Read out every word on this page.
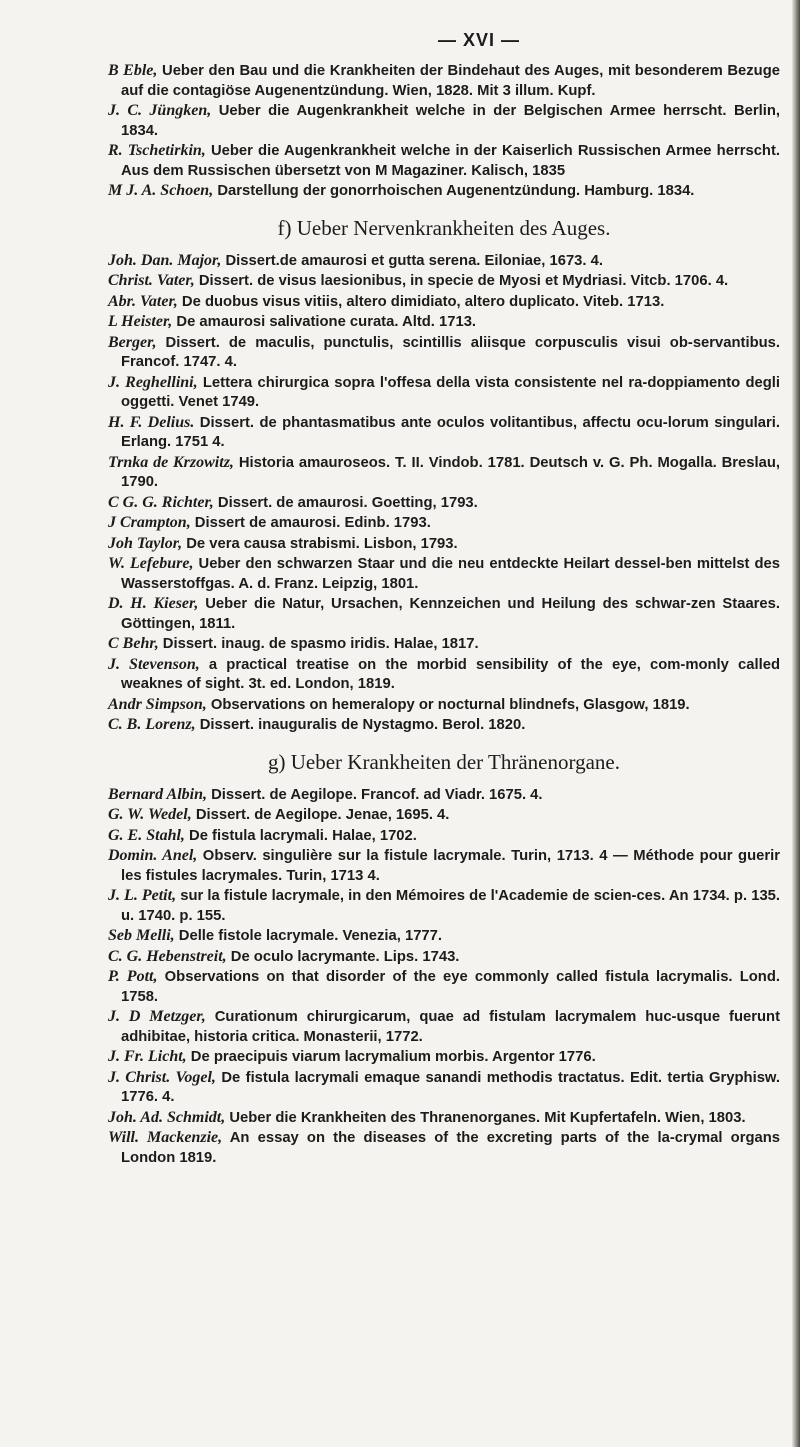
— XVI —
B Eble, Ueber den Bau und die Krankheiten der Bindehaut des Auges, mit besonderem Bezuge auf die contagiöse Augenentzündung. Wien, 1828. Mit 3 illum. Kupf.
J. C. Jüngken, Ueber die Augenkrankheit welche in der Belgischen Armee herrscht. Berlin, 1834.
R. Tschetirkin, Ueber die Augenkrankheit welche in der Kaiserlich Russischen Armee herrscht. Aus dem Russischen übersetzt von M Magaziner. Kalisch, 1835
M J. A. Schoen, Darstellung der gonorrhoischen Augenentzündung. Hamburg. 1834.
f) Ueber Nervenkrankheiten des Auges.
Joh. Dan. Major, Dissert.de amaurosi et gutta serena. Eiloniae, 1673. 4.
Christ. Vater, Dissert. de visus laesionibus, in specie de Myosi et Mydriasi. Vitcb. 1706. 4.
Abr. Vater, De duobus visus vitiis, altero dimidiato, altero duplicato. Viteb. 1713.
L Heister, De amaurosi salivatione curata. Altd. 1713.
Berger, Dissert. de maculis, punctulis, scintillis aliisque corpusculis visui ob-servantibus. Francof. 1747. 4.
J. Reghellini, Lettera chirurgica sopra l'offesa della vista consistente nel ra-doppiamento degli oggetti. Venet 1749.
H. F. Delius. Dissert. de phantasmatibus ante oculos volitantibus, affectu ocu-lorum singulari. Erlang. 1751 4.
Trnka de Krzowitz, Historia amauroseos. T. II. Vindob. 1781. Deutsch v. G. Ph. Mogalla. Breslau, 1790.
C G. G. Richter, Dissert. de amaurosi. Goetting, 1793.
J Crampton, Dissert de amaurosi. Edinb. 1793.
Joh Taylor, De vera causa strabismi. Lisbon, 1793.
W. Lefebure, Ueber den schwarzen Staar und die neu entdeckte Heilart dessel-ben mittelst des Wasserstoffgas. A. d. Franz. Leipzig, 1801.
D. H. Kieser, Ueber die Natur, Ursachen, Kennzeichen und Heilung des schwar-zen Staares. Göttingen, 1811.
C Behr, Dissert. inaug. de spasmo iridis. Halae, 1817.
J. Stevenson, a practical treatise on the morbid sensibility of the eye, com-monly called weaknes of sight. 3t. ed. London, 1819.
Andr Simpson, Observations on hemeralopy or nocturnal blindnefs, Glasgow, 1819.
C. B. Lorenz, Dissert. inauguralis de Nystagmo. Berol. 1820.
g) Ueber Krankheiten der Thränenorgane.
Bernard Albin, Dissert. de Aegilope. Francof. ad Viadr. 1675. 4.
G. W. Wedel, Dissert. de Aegilope. Jenae, 1695. 4.
G. E. Stahl, De fistula lacrymali. Halae, 1702.
Domin. Anel, Observ. singulière sur la fistule lacrymale. Turin, 1713. 4 — Méthode pour guerir les fistules lacrymales. Turin, 1713 4.
J. L. Petit, sur la fistule lacrymale, in den Mémoires de l'Academie de scien-ces. An 1734. p. 135. u. 1740. p. 155.
Seb Melli, Delle fistole lacrymale. Venezia, 1777.
C. G. Hebenstreit, De oculo lacrymante. Lips. 1743.
P. Pott, Observations on that disorder of the eye commonly called fistula lacrymalis. Lond. 1758.
J. D Metzger, Curationum chirurgicarum, quae ad fistulam lacrymalem huc-usque fuerunt adhibitae, historia critica. Monasterii, 1772.
J. Fr. Licht, De praecipuis viarum lacrymalium morbis. Argentor 1776.
J. Christ. Vogel, De fistula lacrymali emaque sanandi methodis tractatus. Edit. tertia Gryphisw. 1776. 4.
Joh. Ad. Schmidt, Ueber die Krankheiten des Thranenorganes. Mit Kupfertafeln. Wien, 1803.
Will. Mackenzie, An essay on the diseases of the excreting parts of the la-crymal organs London 1819.
